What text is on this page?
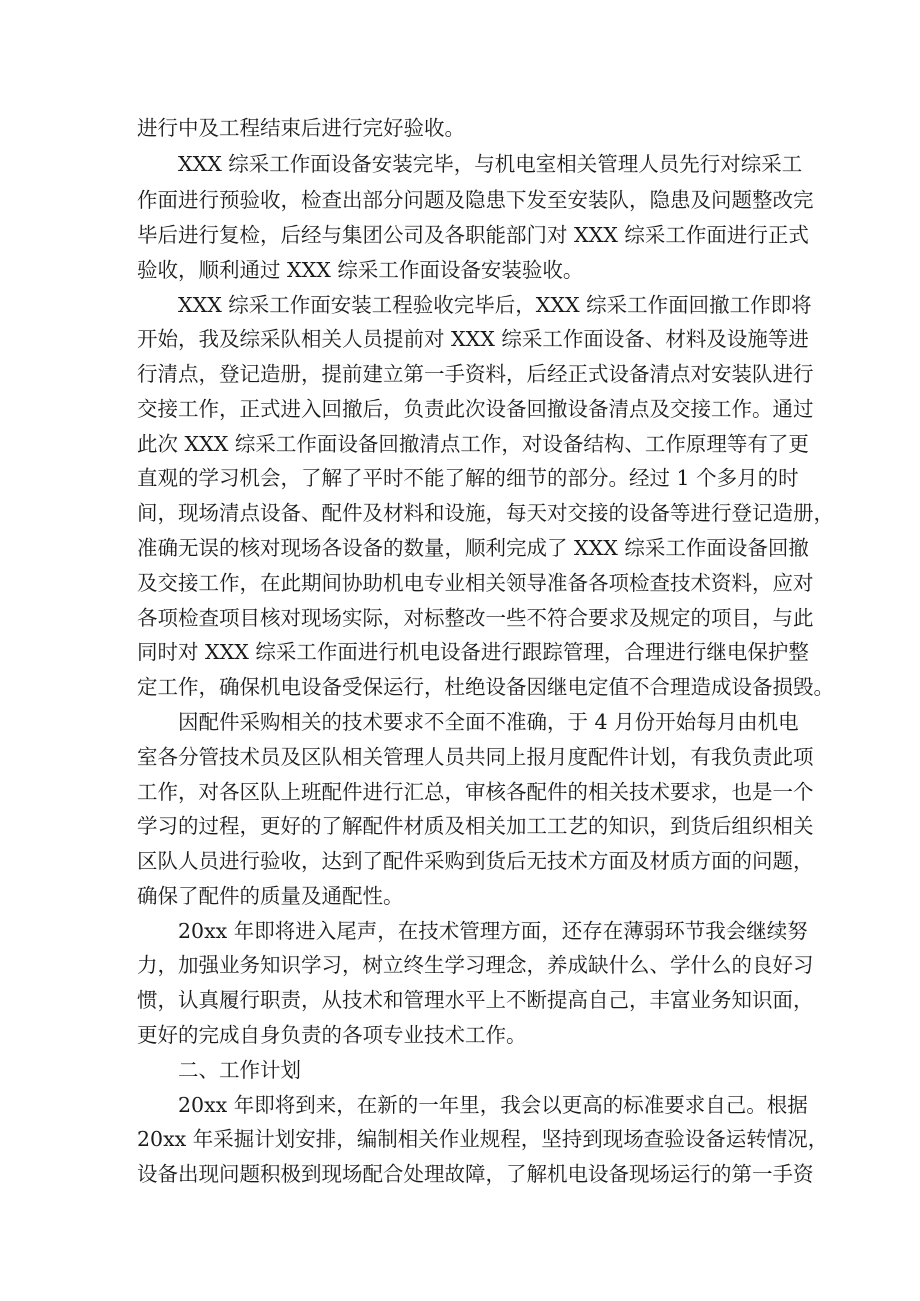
进行中及工程结束后进行完好验收。
XXX 综采工作面设备安装完毕，与机电室相关管理人员先行对综采工
作面进行预验收，检查出部分问题及隐患下发至安装队，隐患及问题整改完
毕后进行复检，后经与集团公司及各职能部门对 XXX 综采工作面进行正式
验收，顺利通过 XXX 综采工作面设备安装验收。
XXX 综采工作面安装工程验收完毕后，XXX 综采工作面回撤工作即将
开始，我及综采队相关人员提前对 XXX 综采工作面设备、材料及设施等进
行清点，登记造册，提前建立第一手资料，后经正式设备清点对安装队进行
交接工作，正式进入回撤后，负责此次设备回撤设备清点及交接工作。通过
此次 XXX 综采工作面设备回撤清点工作，对设备结构、工作原理等有了更
直观的学习机会，了解了平时不能了解的细节的部分。经过 1 个多月的时
间，现场清点设备、配件及材料和设施，每天对交接的设备等进行登记造册，
准确无误的核对现场各设备的数量，顺利完成了 XXX 综采工作面设备回撤
及交接工作，在此期间协助机电专业相关领导准备各项检查技术资料，应对
各项检查项目核对现场实际，对标整改一些不符合要求及规定的项目，与此
同时对 XXX 综采工作面进行机电设备进行跟踪管理，合理进行继电保护整
定工作，确保机电设备受保运行，杜绝设备因继电定值不合理造成设备损毁。
因配件采购相关的技术要求不全面不准确，于 4 月份开始每月由机电
室各分管技术员及区队相关管理人员共同上报月度配件计划，有我负责此项
工作，对各区队上班配件进行汇总，审核各配件的相关技术要求，也是一个
学习的过程，更好的了解配件材质及相关加工工艺的知识，到货后组织相关
区队人员进行验收，达到了配件采购到货后无技术方面及材质方面的问题，
确保了配件的质量及通配性。
20xx 年即将进入尾声，在技术管理方面，还存在薄弱环节我会继续努
力，加强业务知识学习，树立终生学习理念，养成缺什么、学什么的良好习
惯，认真履行职责，从技术和管理水平上不断提高自己，丰富业务知识面，
更好的完成自身负责的各项专业技术工作。
二、工作计划
20xx 年即将到来，在新的一年里，我会以更高的标准要求自己。根据
20xx 年采掘计划安排，编制相关作业规程，坚持到现场查验设备运转情况，
设备出现问题积极到现场配合处理故障，了解机电设备现场运行的第一手资
